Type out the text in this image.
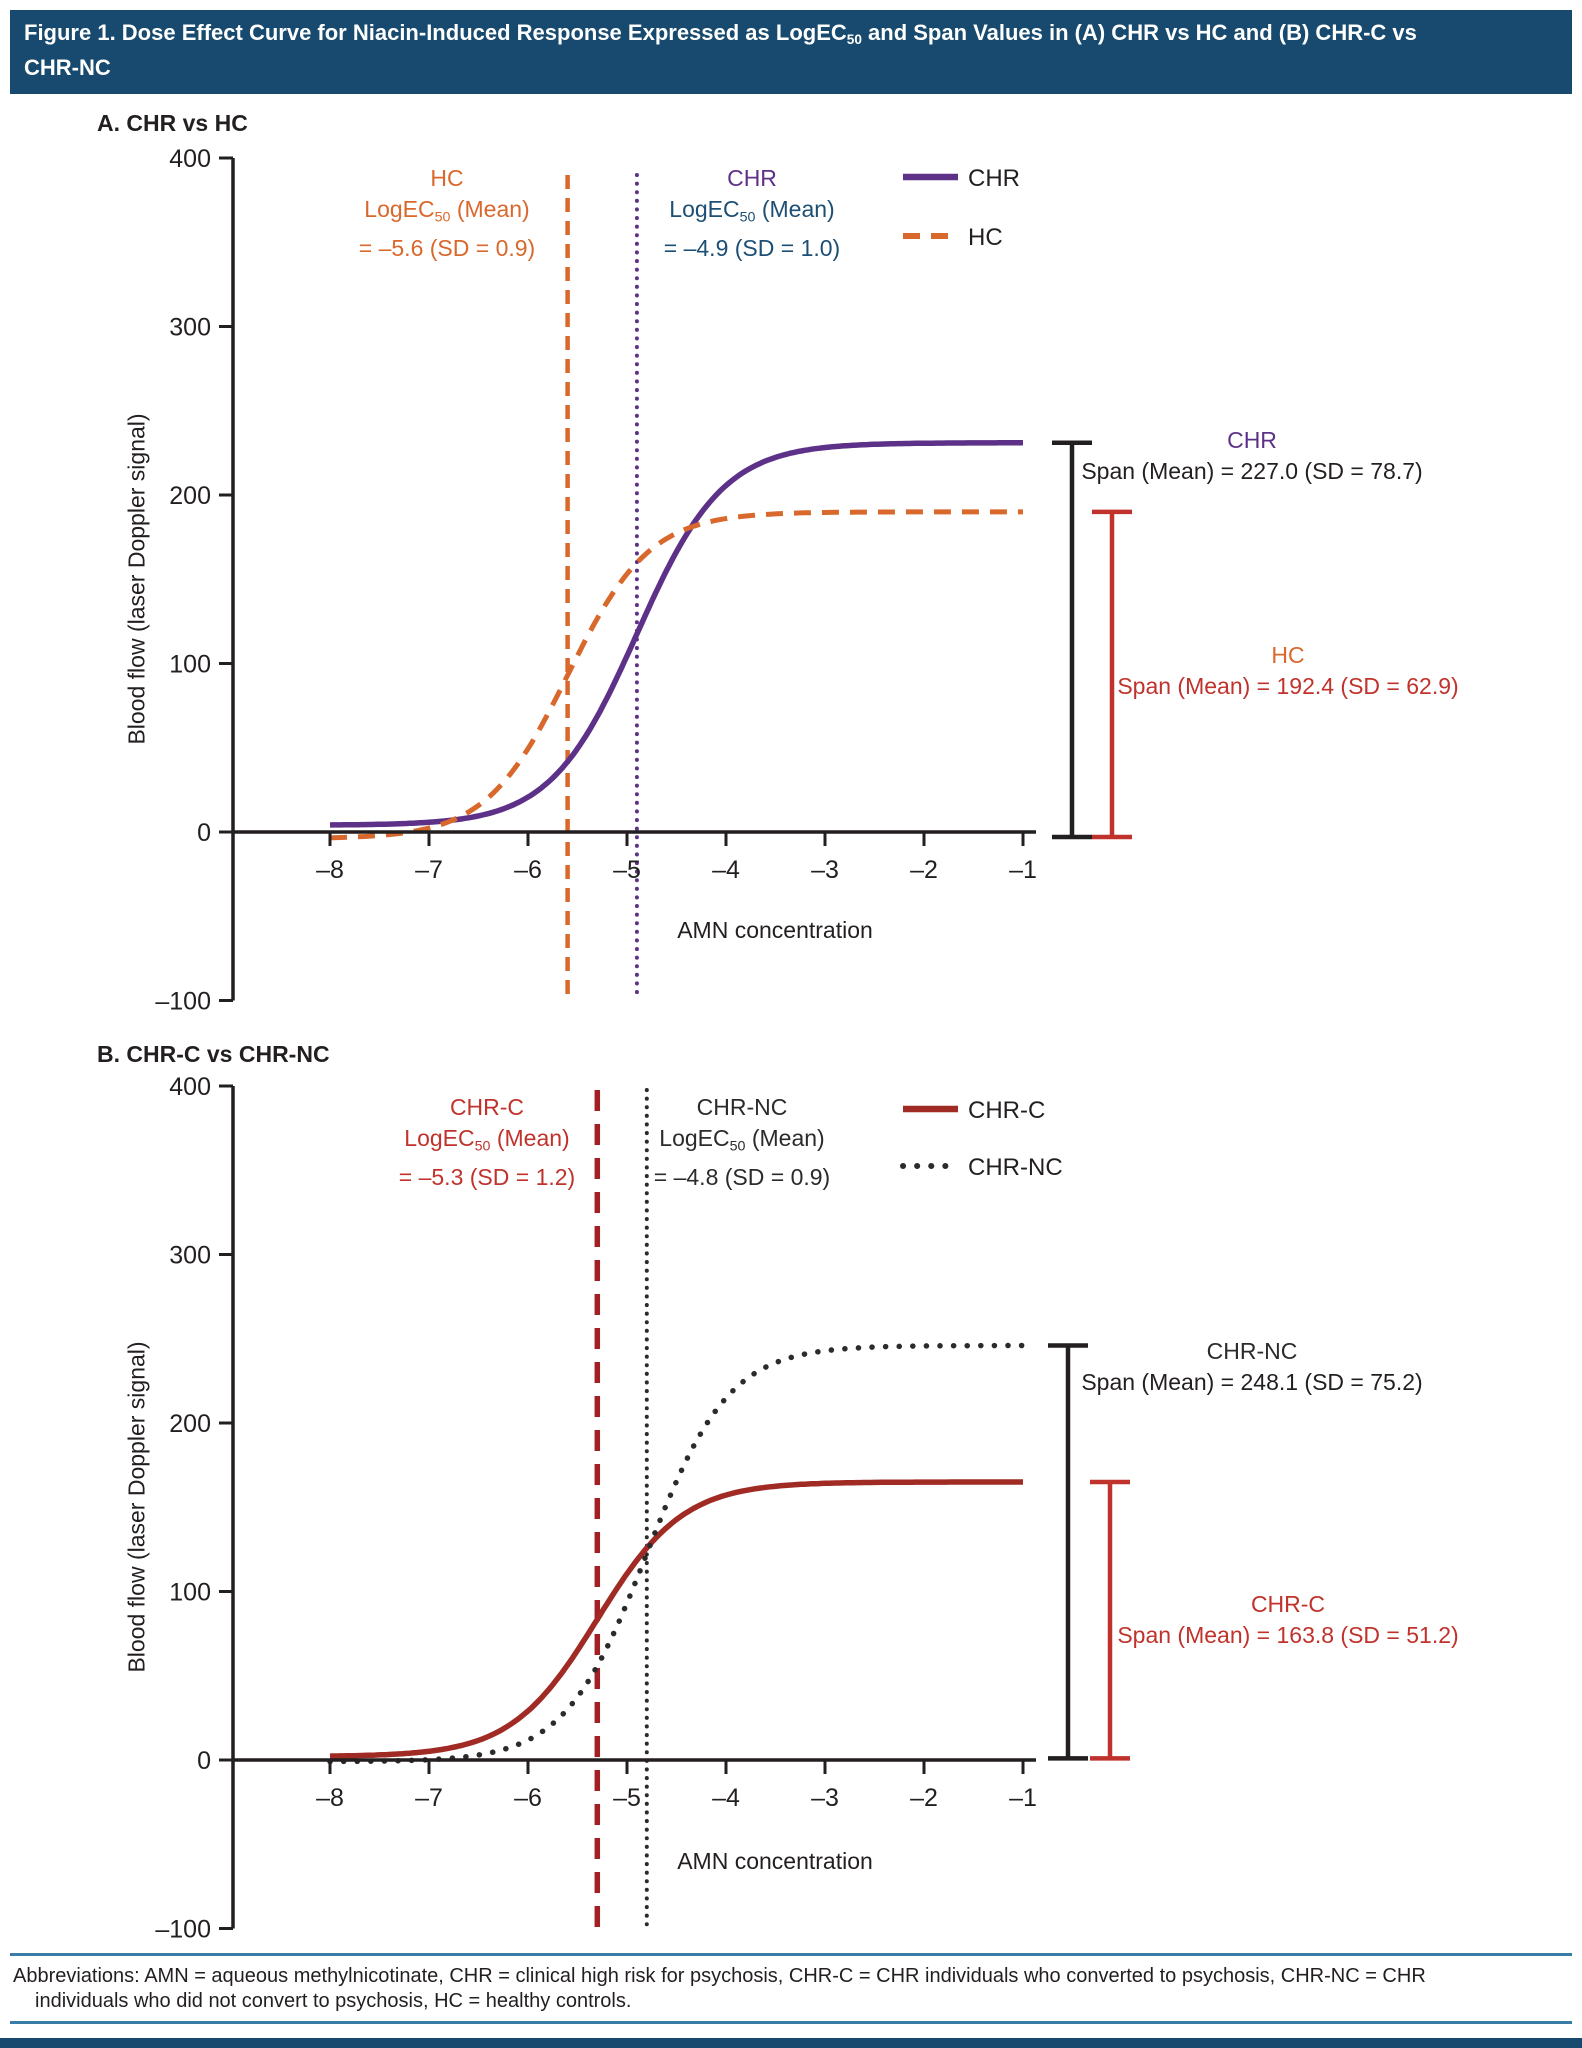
Figure 1. Dose Effect Curve for Niacin-Induced Response Expressed as LogEC50 and Span Values in (A) CHR vs HC and (B) CHR-C vs CHR-NC
400
300
200
100
0
–100
–8	–7	–6	–5	–4	–3	–2	–1
CHR
HC
400
300
200
100
0
–100
–8	–7	–6	–5	–4	–3	–2	–1
CHR-C
CHR-NC
A. CHR vs HC
Blood flow (laser Doppler signal)
AMN concentration
HC
LogEC50 (Mean)
= –5.6 (SD = 0.9)
CHR
LogEC50 (Mean)
= –4.9 (SD = 1.0)
CHR
Span (Mean) = 227.0 (SD = 78.7)
HC
Span (Mean) = 192.4 (SD = 62.9)
B. CHR-C vs CHR-NC
Blood flow (laser Doppler signal)
AMN concentration
CHR-C
LogEC50 (Mean)
= –5.3 (SD = 1.2)
CHR-NC
LogEC50 (Mean)
= –4.8 (SD = 0.9)
CHR-NC
Span (Mean) = 248.1 (SD = 75.2)
CHR-C
Span (Mean) = 163.8 (SD = 51.2)
Abbreviations: AMN = aqueous methylnicotinate, CHR = clinical high risk for psychosis, CHR-C = CHR individuals who converted to psychosis, CHR-NC = CHR individuals who did not convert to psychosis, HC = healthy controls.
